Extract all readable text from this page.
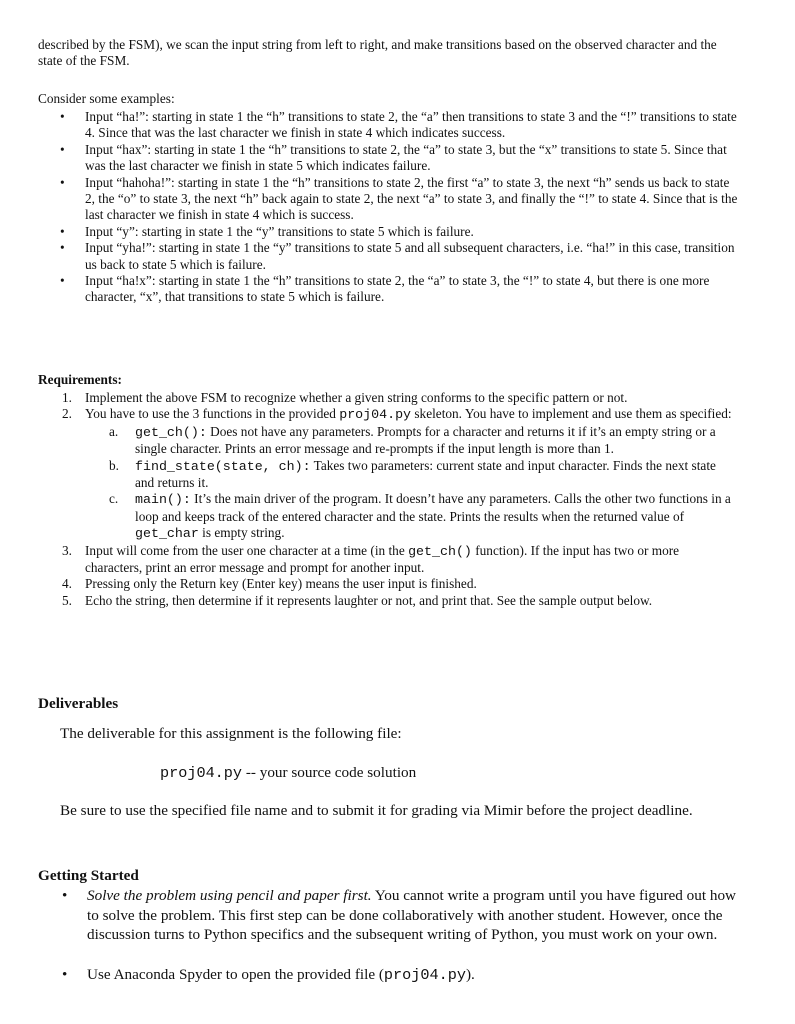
described by the FSM), we scan the input string from left to right, and make transitions based on the observed character and the state of the FSM.

Consider some examples:
• Input “ha!”: starting in state 1 the “h” transitions to state 2, the “a” then transitions to state 3 and the “!” transitions to state 4. Since that was the last character we finish in state 4 which indicates success.
• Input “hax”: starting in state 1 the “h” transitions to state 2, the “a” to state 3, but the “x” transitions to state 5. Since that was the last character we finish in state 5 which indicates failure.
• Input “hahoha!”: starting in state 1 the “h” transitions to state 2, the first “a” to state 3, the next “h” sends us back to state 2, the “o” to state 3, the next “h” back again to state 2, the next “a” to state 3, and finally the “!” to state 4. Since that is the last character we finish in state 4 which is success.
• Input “y”: starting in state 1 the “y” transitions to state 5 which is failure.
• Input “yha!”: starting in state 1 the “y” transitions to state 5 and all subsequent characters, i.e. “ha!” in this case, transition us back to state 5 which is failure.
• Input “ha!x”: starting in state 1 the “h” transitions to state 2, the “a” to state 3, the “!” to state 4, but there is one more character, “x”, that transitions to state 5 which is failure.
Requirements:
1. Implement the above FSM to recognize whether a given string conforms to the specific pattern or not.
2. You have to use the 3 functions in the provided proj04.py skeleton. You have to implement and use them as specified:
a. get_ch(): Does not have any parameters. Prompts for a character and returns it if it’s an empty string or a single character. Prints an error message and re-prompts if the input length is more than 1.
b. find_state(state, ch): Takes two parameters: current state and input character. Finds the next state and returns it.
c. main(): It’s the main driver of the program. It doesn’t have any parameters. Calls the other two functions in a loop and keeps track of the entered character and the state. Prints the results when the returned value of get_char is empty string.
3. Input will come from the user one character at a time (in the get_ch() function). If the input has two or more characters, print an error message and prompt for another input.
4. Pressing only the Return key (Enter key) means the user input is finished.
5. Echo the string, then determine if it represents laughter or not, and print that. See the sample output below.
Deliverables
The deliverable for this assignment is the following file:
proj04.py -- your source code solution

Be sure to use the specified file name and to submit it for grading via Mimir before the project deadline.

Getting Started
• Solve the problem using pencil and paper first. You cannot write a program until you have figured out how to solve the problem. This first step can be done collaboratively with another student. However, once the discussion turns to Python specifics and the subsequent writing of Python, you must work on your own.
• Use Anaconda Spyder to open the provided file (proj04.py).
